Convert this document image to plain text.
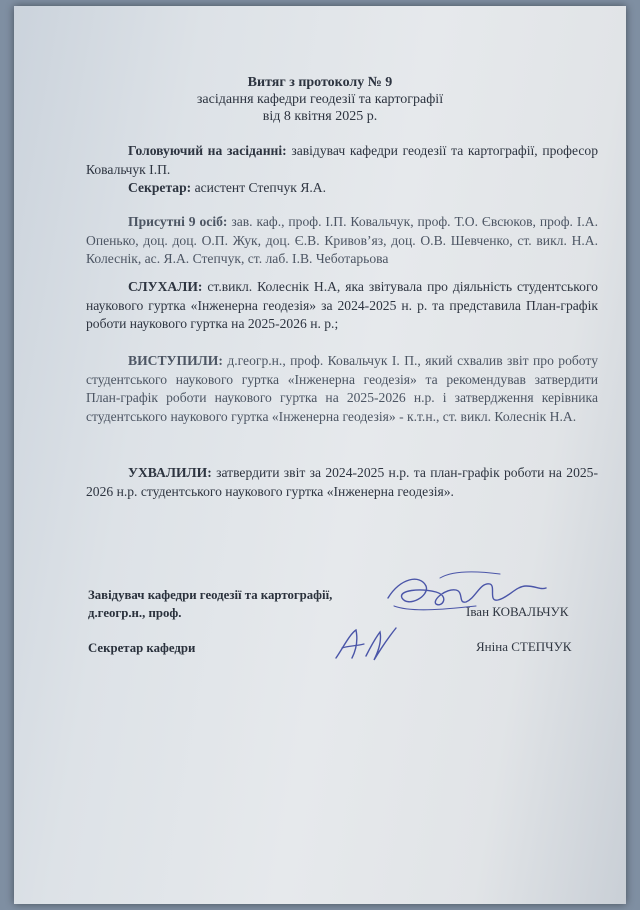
Витяг з протоколу № 9
засідання кафедри геодезії та картографії
від 8 квітня 2025 р.

Головуючий на засіданні: завідувач кафедри геодезії та картографії, професор Ковальчук І.П.

Секретар: асистент Степчук Я.А.

Присутні 9 осіб: зав. каф., проф. І.П. Ковальчук, проф. Т.О. Євсюков, проф. І.А. Опенько, доц. доц. О.П. Жук, доц. Є.В. Кривов’яз, доц. О.В. Шевченко, ст. викл. Н.А. Колеснік, ас. Я.А. Степчук, ст. лаб. І.В. Чеботарьова

СЛУХАЛИ: ст.викл. Колеснік Н.А, яка звітувала про діяльність студентського наукового гуртка «Інженерна геодезія» за 2024-2025 н. р. та представила План-графік роботи наукового гуртка на 2025-2026 н. р.;

ВИСТУПИЛИ: д.геогр.н., проф. Ковальчук І. П., який схвалив звіт про роботу студентського наукового гуртка «Інженерна геодезія» та рекомендував затвердити План-графік роботи наукового гуртка на 2025-2026 н.р. і затвердження керівника студентського наукового гуртка «Інженерна геодезія» - к.т.н., ст. викл. Колеснік Н.А.

УХВАЛИЛИ: затвердити звіт за 2024-2025 н.р. та план-графік роботи на 2025-2026 н.р. студентського наукового гуртка «Інженерна геодезія».

Завідувач кафедри геодезії та картографії,
д.геогр.н., проф.	Іван КОВАЛЬЧУК
Секретар кафедри	Яніна СТЕПЧУК
